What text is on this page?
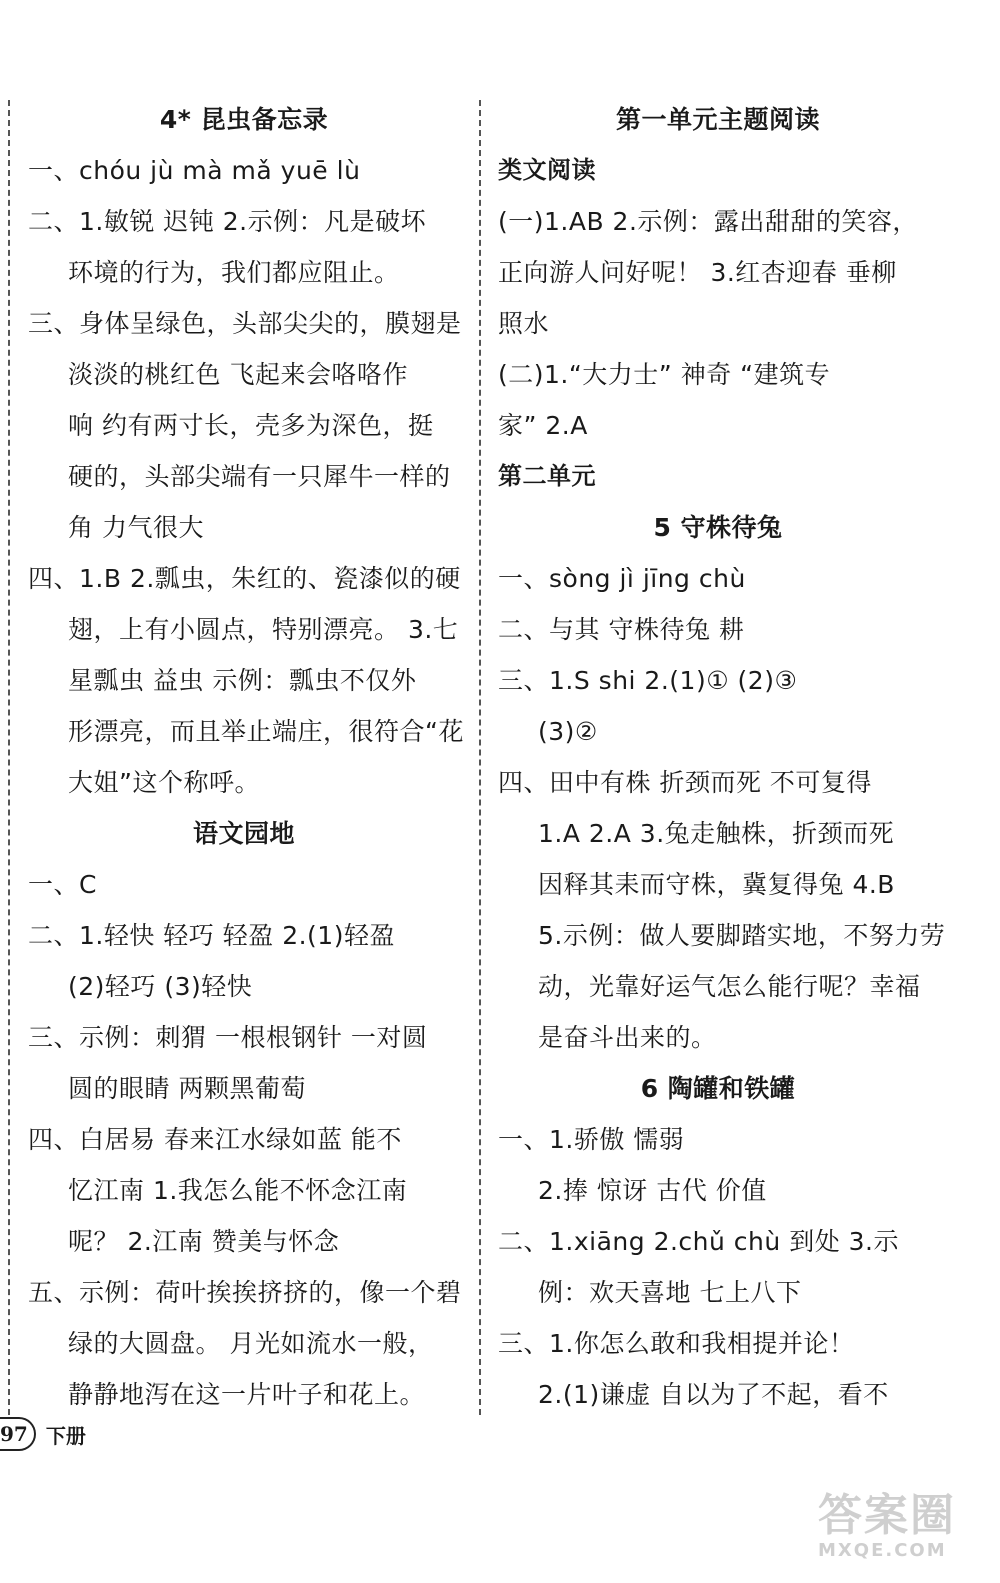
4* 昆虫备忘录
一、chóu jù mà mǎ yuē lù
二、1.敏锐 迟钝 2.示例：凡是破坏
环境的行为，我们都应阻止。
三、身体呈绿色，头部尖尖的，膜翅是
淡淡的桃红色 飞起来会咯咯作
响 约有两寸长，壳多为深色，挺
硬的，头部尖端有一只犀牛一样的
角 力气很大
四、1.B 2.瓢虫，朱红的、瓷漆似的硬
翅，上有小圆点，特别漂亮。 3.七
星瓢虫 益虫 示例：瓢虫不仅外
形漂亮，而且举止端庄，很符合“花
大姐”这个称呼。
语文园地
一、C
二、1.轻快 轻巧 轻盈 2.(1)轻盈
(2)轻巧 (3)轻快
三、示例：刺猬 一根根钢针 一对圆
圆的眼睛 两颗黑葡萄
四、白居易 春来江水绿如蓝 能不
忆江南 1.我怎么能不怀念江南
呢？ 2.江南 赞美与怀念
五、示例：荷叶挨挨挤挤的，像一个碧
绿的大圆盘。 月光如流水一般，
静静地泻在这一片叶子和花上。
第一单元主题阅读
类文阅读
(一)1.AB 2.示例：露出甜甜的笑容，
正向游人问好呢！ 3.红杏迎春 垂柳
照水
(二)1.“大力士” 神奇 “建筑专
家” 2.A
第二单元
5 守株待兔
一、sòng jì jīng chù
二、与其 守株待兔 耕
三、1.S shi 2.(1)① (2)③
(3)②
四、田中有株 折颈而死 不可复得
1.A 2.A 3.兔走触株，折颈而死
因释其耒而守株，冀复得兔 4.B
5.示例：做人要脚踏实地，不努力劳
动，光靠好运气怎么能行呢？幸福
是奋斗出来的。
6 陶罐和铁罐
一、1.骄傲 懦弱
2.捧 惊讶 古代 价值
二、1.xiāng 2.chǔ chù 到处 3.示
例：欢天喜地 七上八下
三、1.你怎么敢和我相提并论！
2.(1)谦虚 自以为了不起，看不
97 下册
答案圈
MXQE.COM
